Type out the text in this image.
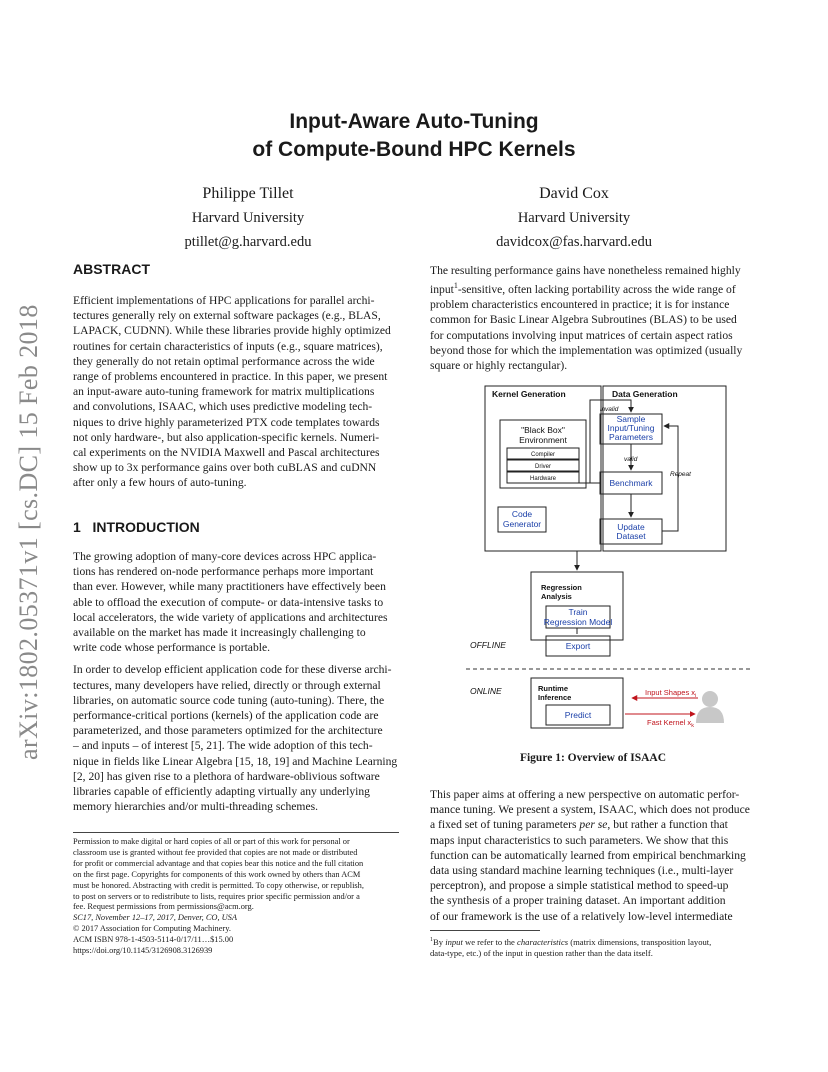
arXiv:1802.05371v1 [cs.DC] 15 Feb 2018
Input-Aware Auto-Tuning
of Compute-Bound HPC Kernels
Philippe Tillet
Harvard University
ptillet@g.harvard.edu
David Cox
Harvard University
davidcox@fas.harvard.edu
ABSTRACT

Efficient implementations of HPC applications for parallel archi-

tectures generally rely on external software packages (e.g., BLAS,

LAPACK, CUDNN). While these libraries provide highly optimized

routines for certain characteristics of inputs (e.g., square matrices),

they generally do not retain optimal performance across the wide

range of problems encountered in practice. In this paper, we present

an input-aware auto-tuning framework for matrix multiplications

and convolutions, ISAAC, which uses predictive modeling tech-

niques to drive highly parameterized PTX code templates towards

not only hardware-, but also application-specific kernels. Numeri-

cal experiments on the NVIDIA Maxwell and Pascal architectures

show up to 3x performance gains over both cuBLAS and cuDNN

after only a few hours of auto-tuning.

1 INTRODUCTION

The growing adoption of many-core devices across HPC applica-

tions has rendered on-node performance perhaps more important

than ever. However, while many practitioners have effectively been

able to offload the execution of compute- or data-intensive tasks to

local accelerators, the wide variety of applications and architectures

available on the market has made it increasingly challenging to

write code whose performance is portable.

In order to develop efficient application code for these diverse archi-

tectures, many developers have relied, directly or through external

libraries, on automatic source code tuning (auto-tuning). There, the

performance-critical portions (kernels) of the application code are

parameterized, and those parameters optimized for the architecture

– and inputs – of interest [5, 21]. The wide adoption of this tech-

nique in fields like Linear Algebra [15, 18, 19] and Machine Learning

[2, 20] has given rise to a plethora of hardware-oblivious software

libraries capable of efficiently adapting virtually any underlying

memory hierarchies and/or multi-threading schemes.

Permission to make digital or hard copies of all or part of this work for personal or

classroom use is granted without fee provided that copies are not made or distributed

for profit or commercial advantage and that copies bear this notice and the full citation

on the first page. Copyrights for components of this work owned by others than ACM

must be honored. Abstracting with credit is permitted. To copy otherwise, or republish,

to post on servers or to redistribute to lists, requires prior specific permission and/or a

fee. Request permissions from permissions@acm.org.

SC17, November 12–17, 2017, Denver, CO, USA

© 2017 Association for Computing Machinery.

ACM ISBN 978-1-4503-5114-0/17/11…$15.00

https://doi.org/10.1145/3126908.3126939

The resulting performance gains have nonetheless remained highly

input$^1$-sensitive, often lacking portability across the wide range of

problem characteristics encountered in practice; it is for instance

common for Basic Linear Algebra Subroutines (BLAS) to be used

for computations involving input matrices of certain aspect ratios

beyond those for which the implementation was optimized (usually

square or highly rectangular).

Kernel Generation	Data Generation
"Black Box"
Environment
Compiler
Driver
Hardware
Code
Generator
invalid
Sample
Input/Tuning
Parameters
valid
Benchmark
Repeat
Update
Dataset
Regression
Analysis
Train
Regression Model
Export
OFFLINE
ONLINE	Runtime
Inference
Predict
Input Shapes $x_i$
Fast Kernel $x_k$
Figure 1: Overview of ISAAC

This paper aims at offering a new perspective on automatic perfor-

mance tuning. We present a system, ISAAC, which does not produce

a fixed set of tuning parameters per se, but rather a function that

maps input characteristics to such parameters. We show that this

function can be automatically learned from empirical benchmarking

data using standard machine learning techniques (i.e., multi-layer

perceptron), and propose a simple statistical method to speed-up

the synthesis of a proper training dataset. An important addition

of our framework is the use of a relatively low-level intermediate

$^1$By input we refer to the characteristics (matrix dimensions, transposition layout,
data-type, etc.) of the input in question rather than the data itself.
